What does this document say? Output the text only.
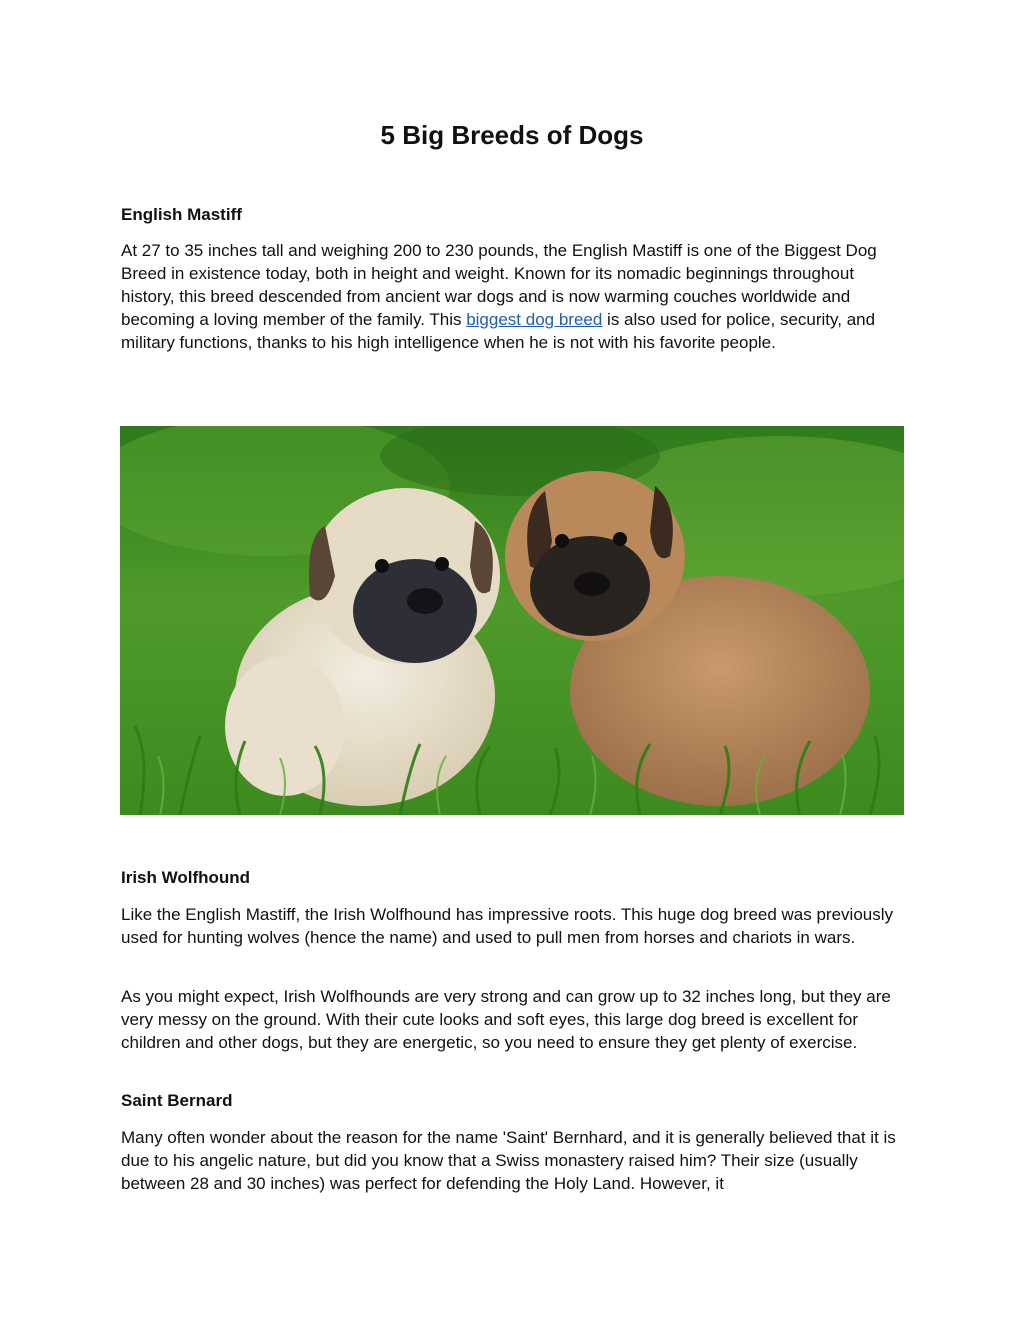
5 Big Breeds of Dogs
English Mastiff

At 27 to 35 inches tall and weighing 200 to 230 pounds, the English Mastiff is one of the Biggest Dog Breed in existence today, both in height and weight. Known for its nomadic beginnings throughout history, this breed descended from ancient war dogs and is now warming couches worldwide and becoming a loving member of the family. This biggest dog breed is also used for police, security, and military functions, thanks to his high intelligence when he is not with his favorite people.

Irish Wolfhound

Like the English Mastiff, the Irish Wolfhound has impressive roots. This huge dog breed was previously used for hunting wolves (hence the name) and used to pull men from horses and chariots in wars.

As you might expect, Irish Wolfhounds are very strong and can grow up to 32 inches long, but they are very messy on the ground. With their cute looks and soft eyes, this large dog breed is excellent for children and other dogs, but they are energetic, so you need to ensure they get plenty of exercise.

Saint Bernard

Many often wonder about the reason for the name 'Saint' Bernhard, and it is generally believed that it is due to his angelic nature, but did you know that a Swiss monastery raised him? Their size (usually between 28 and 30 inches) was perfect for defending the Holy Land. However, it
